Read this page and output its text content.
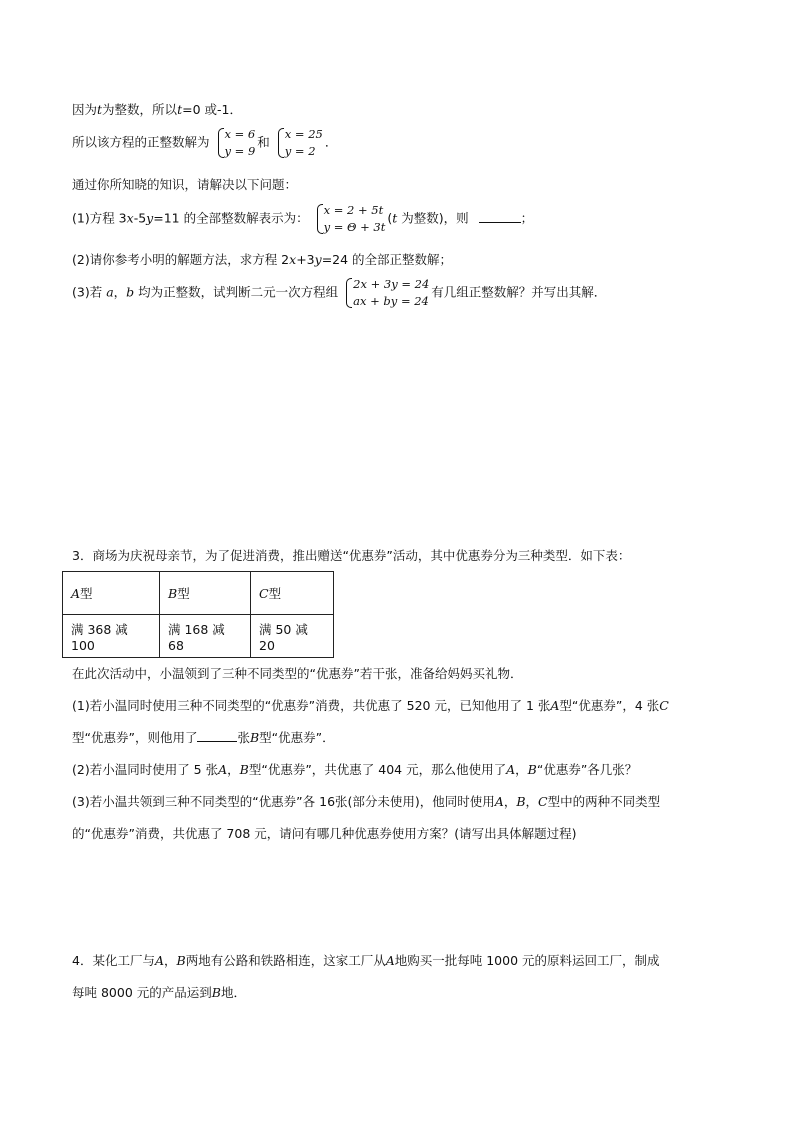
因为t为整数，所以t=0 或-1．
所以该方程的正整数解为
x = 6
y = 9
和
x = 25
y = 2
．
通过你所知晓的知识，请解决以下问题：
(1)方程 3x-5y=11 的全部整数解表示为：
x = 2 + 5t
y = Θ + 3t
(t 为整数)，则	；
(2)请你参考小明的解题方法，求方程 2x+3y=24 的全部正整数解；
(3)若 a，b 均为正整数，试判断二元一次方程组
2x + 3y = 24
ax + by = 24
有几组正整数解？并写出其解．
3．商场为庆祝母亲节，为了促进消费，推出赠送“优惠券”活动，其中优惠券分为三种类型．如下表：
A型	B型	C型
满 368 减 100	满 168 减 68	满 50 减 20
在此次活动中，小温领到了三种不同类型的“优惠券”若干张，准备给妈妈买礼物．
(1)若小温同时使用三种不同类型的“优惠券”消费，共优惠了 520 元，已知他用了 1 张A型“优惠券”，4 张C
型“优惠券”，则他用了	张B型“优惠券”．
(2)若小温同时使用了 5 张A，B型“优惠券”，共优惠了 404 元，那么他使用了A，B“优惠券”各几张？
(3)若小温共领到三种不同类型的“优惠券”各 16张(部分未使用)，他同时使用A，B，C型中的两种不同类型
的“优惠券”消费，共优惠了 708 元，请问有哪几种优惠券使用方案？(请写出具体解题过程)
4．某化工厂与A，B两地有公路和铁路相连，这家工厂从A地购买一批每吨 1000 元的原料运回工厂，制成
每吨 8000 元的产品运到B地．
